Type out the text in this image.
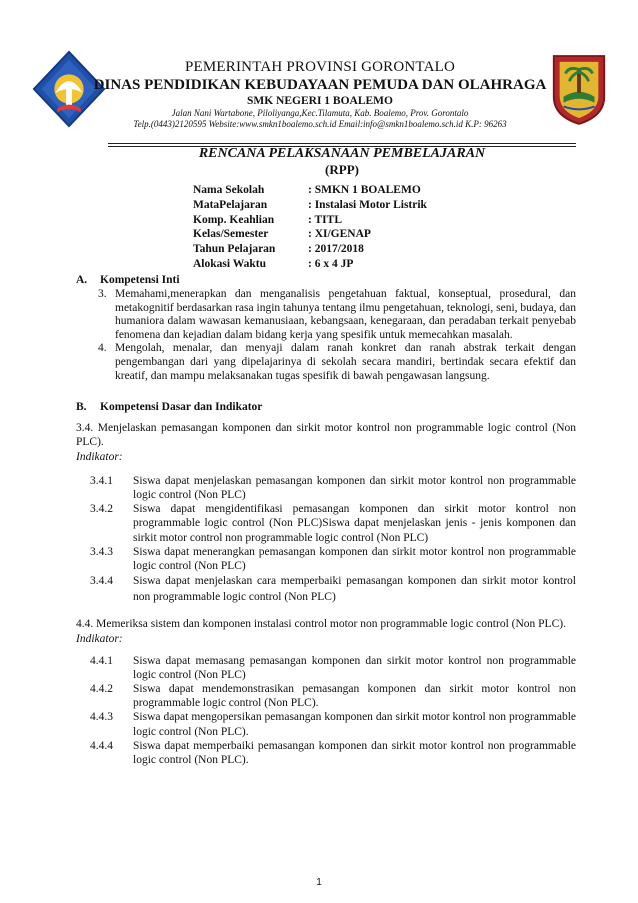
PEMERINTAH PROVINSI GORONTALO
DINAS PENDIDIKAN KEBUDAYAAN PEMUDA DAN OLAHRAGA
SMK NEGERI 1 BOALEMO
Jalan Nani Wartabone, Piloliyanga,Kec.Tilamuta, Kab. Boalemo, Prov. Gorontalo
Telp.(0443)2120595 Website:www.smkn1boalemo.sch.id Email:info@smkn1boalemo.sch.id K.P: 96263
RENCANA PELAKSANAAN PEMBELAJARAN
(RPP)
Nama Sekolah	: SMKN 1 BOALEMO
MataPelajaran	: Instalasi Motor Listrik
Komp. Keahlian	: TITL
Kelas/Semester	: XI/GENAP
Tahun Pelajaran	: 2017/2018
Alokasi Waktu	: 6 x 4 JP
A. Kompetensi Inti
3. Memahami,menerapkan dan menganalisis pengetahuan faktual, konseptual, prosedural, dan metakognitif berdasarkan rasa ingin tahunya tentang ilmu pengetahuan, teknologi, seni, budaya, dan humaniora dalam wawasan kemanusiaan, kebangsaan, kenegaraan, dan peradaban terkait penyebab fenomena dan kejadian dalam bidang kerja yang spesifik untuk memecahkan masalah.
4. Mengolah, menalar, dan menyaji dalam ranah konkret dan ranah abstrak terkait dengan pengembangan dari yang dipelajarinya di sekolah secara mandiri, bertindak secara efektif dan kreatif, dan mampu melaksanakan tugas spesifik di bawah pengawasan langsung.
B. Kompetensi Dasar dan Indikator
3.4. Menjelaskan pemasangan komponen dan sirkit motor kontrol non programmable logic control (Non PLC).
Indikator:
3.4.1 Siswa dapat menjelaskan pemasangan komponen dan sirkit motor kontrol non programmable logic control (Non PLC)
3.4.2 Siswa dapat mengidentifikasi pemasangan komponen dan sirkit motor kontrol non programmable logic control (Non PLC)Siswa dapat menjelaskan jenis - jenis komponen dan sirkit motor control non programmable logic control (Non PLC)
3.4.3 Siswa dapat menerangkan pemasangan komponen dan sirkit motor kontrol non programmable logic control (Non PLC)
3.4.4 Siswa dapat menjelaskan cara memperbaiki pemasangan komponen dan sirkit motor kontrol non programmable logic control (Non PLC)
4.4. Memeriksa sistem dan komponen instalasi control motor non programmable logic control (Non PLC).
Indikator:
4.4.1 Siswa dapat memasang pemasangan komponen dan sirkit motor kontrol non programmable logic control (Non PLC)
4.4.2 Siswa dapat mendemonstrasikan pemasangan komponen dan sirkit motor kontrol non programmable logic control (Non PLC).
4.4.3 Siswa dapat mengopersikan pemasangan komponen dan sirkit motor kontrol non programmable logic control (Non PLC).
4.4.4 Siswa dapat memperbaiki pemasangan komponen dan sirkit motor kontrol non programmable logic control (Non PLC).
1
